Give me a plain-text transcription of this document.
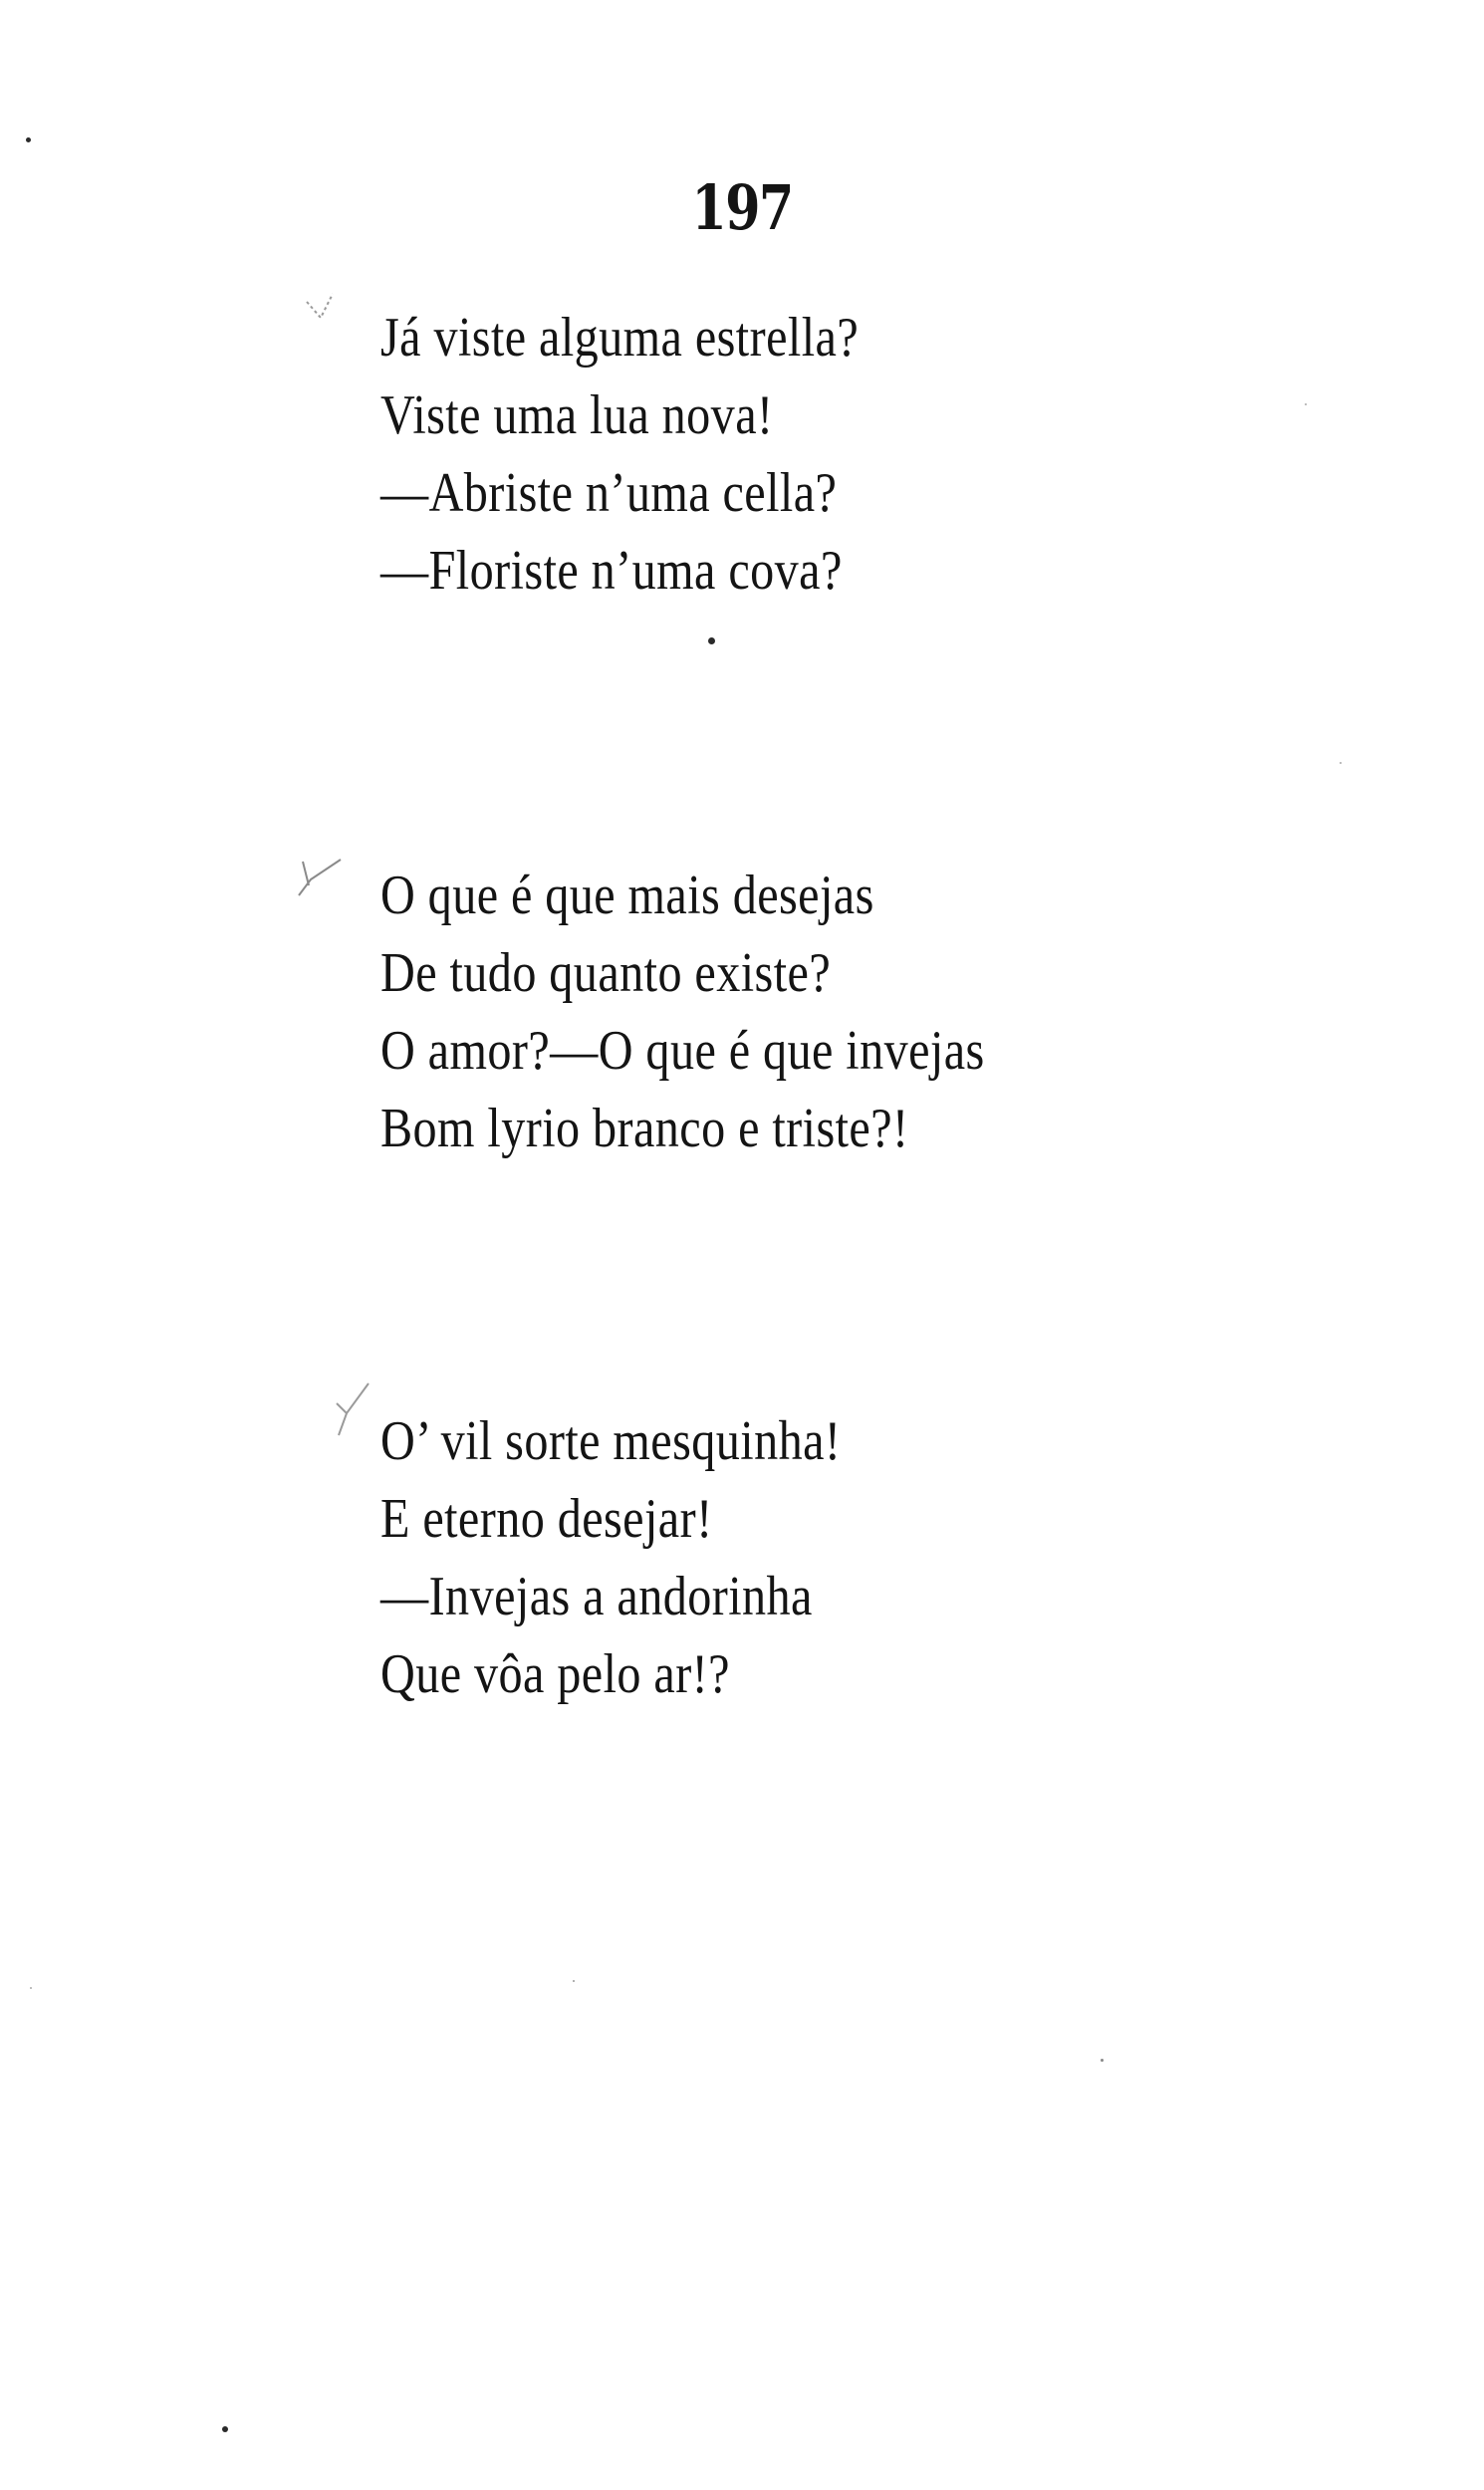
197
Já viste alguma estrella?
Viste uma lua nova!
—Abriste n’uma cella?
—Floriste n’uma cova?
O que é que mais desejas
De tudo quanto existe?
O amor?—O que é que invejas
Bom lyrio branco e triste?!
O’ vil sorte mesquinha!
E eterno desejar!
—Invejas a andorinha
Que vôa pelo ar!?
